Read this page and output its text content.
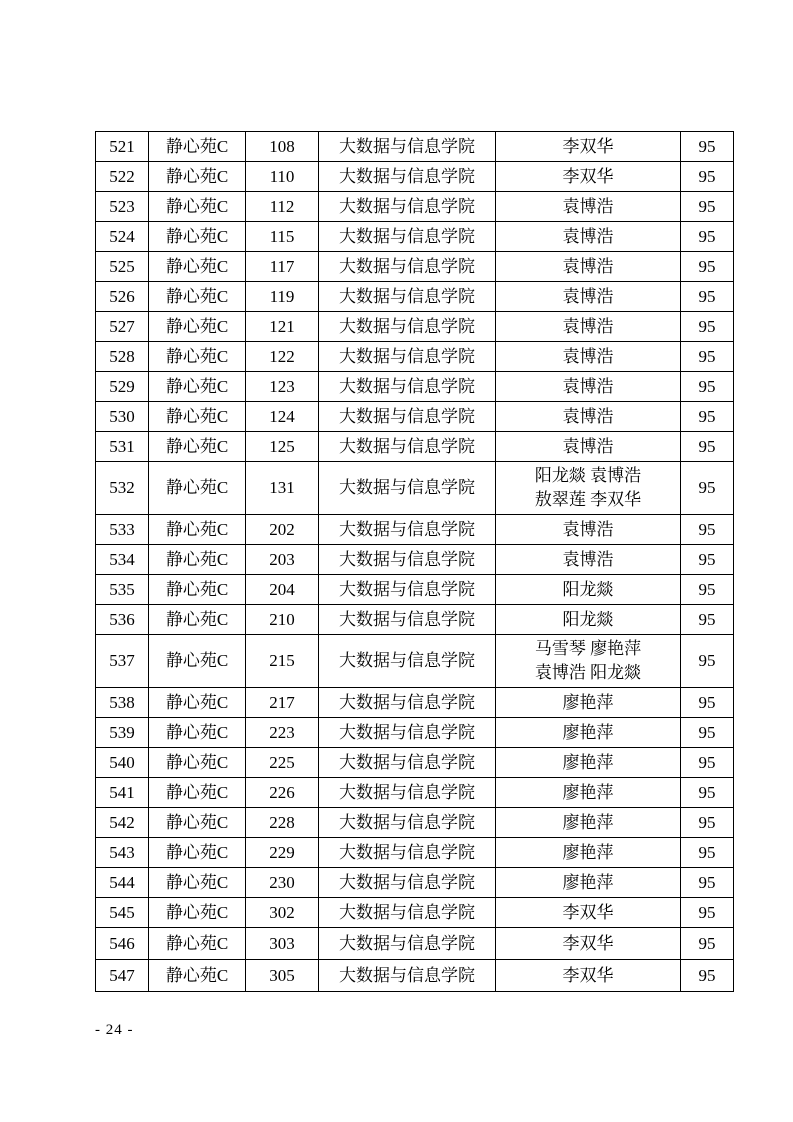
521	静心苑C	108	大数据与信息学院	李双华	95
522	静心苑C	110	大数据与信息学院	李双华	95
523	静心苑C	112	大数据与信息学院	袁博浩	95
524	静心苑C	115	大数据与信息学院	袁博浩	95
525	静心苑C	117	大数据与信息学院	袁博浩	95
526	静心苑C	119	大数据与信息学院	袁博浩	95
527	静心苑C	121	大数据与信息学院	袁博浩	95
528	静心苑C	122	大数据与信息学院	袁博浩	95
529	静心苑C	123	大数据与信息学院	袁博浩	95
530	静心苑C	124	大数据与信息学院	袁博浩	95
531	静心苑C	125	大数据与信息学院	袁博浩	95
532	静心苑C	131	大数据与信息学院	阳龙燚 袁博浩
敖翠莲 李双华	95
533	静心苑C	202	大数据与信息学院	袁博浩	95
534	静心苑C	203	大数据与信息学院	袁博浩	95
535	静心苑C	204	大数据与信息学院	阳龙燚	95
536	静心苑C	210	大数据与信息学院	阳龙燚	95
537	静心苑C	215	大数据与信息学院	马雪琴 廖艳萍
袁博浩 阳龙燚	95
538	静心苑C	217	大数据与信息学院	廖艳萍	95
539	静心苑C	223	大数据与信息学院	廖艳萍	95
540	静心苑C	225	大数据与信息学院	廖艳萍	95
541	静心苑C	226	大数据与信息学院	廖艳萍	95
542	静心苑C	228	大数据与信息学院	廖艳萍	95
543	静心苑C	229	大数据与信息学院	廖艳萍	95
544	静心苑C	230	大数据与信息学院	廖艳萍	95
545	静心苑C	302	大数据与信息学院	李双华	95
546	静心苑C	303	大数据与信息学院	李双华	95
547	静心苑C	305	大数据与信息学院	李双华	95
- 24 -
